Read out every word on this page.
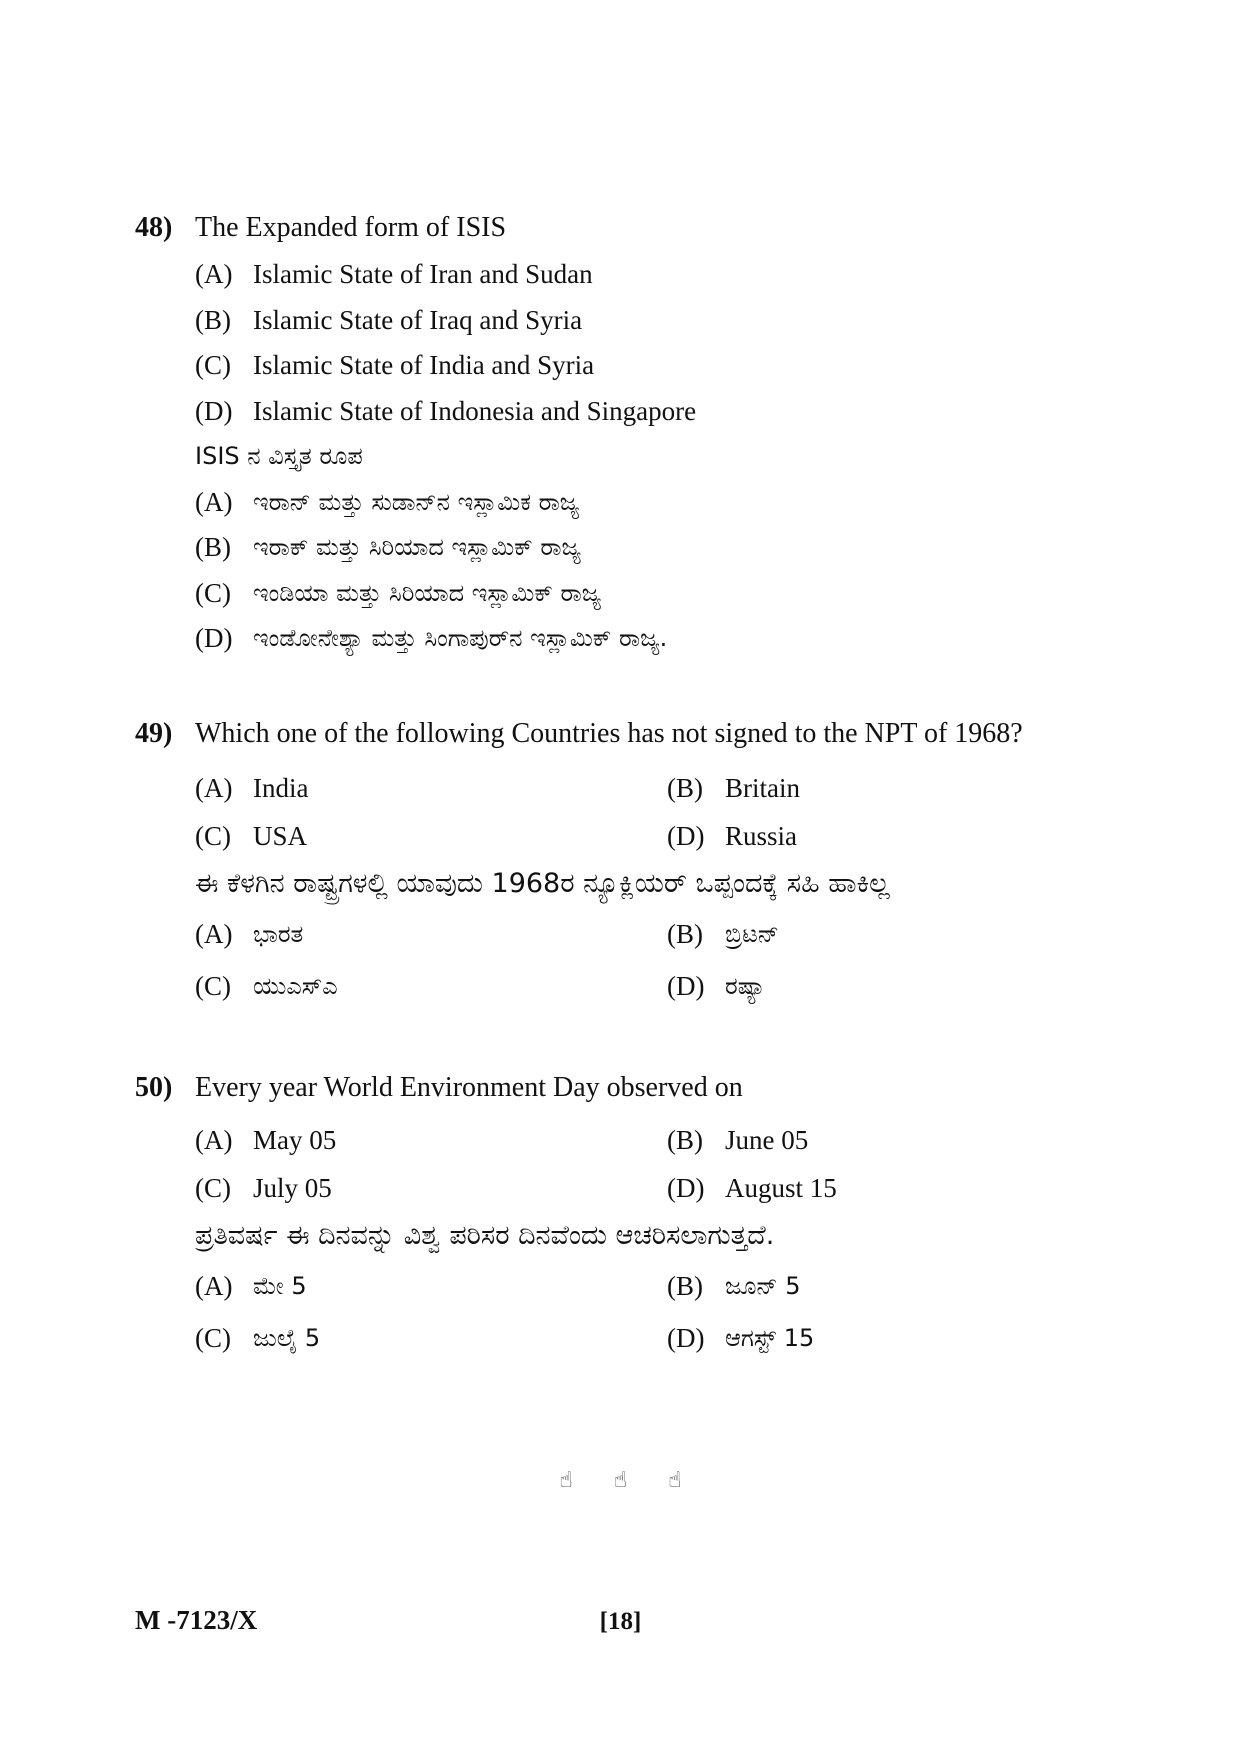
48) The Expanded form of ISIS
(A) Islamic State of Iran and Sudan
(B) Islamic State of Iraq and Syria
(C) Islamic State of India and Syria
(D) Islamic State of Indonesia and Singapore
ISIS ನ ವಿಸ್ತೃತ ರೂಪ
(A) ಇರಾನ್ ಮತ್ತು ಸುಡಾನ್‌ನ ಇಸ್ಲಾಮಿಕ ರಾಜ್ಯ
(B) ಇರಾಕ್ ಮತ್ತು ಸಿರಿಯಾದ ಇಸ್ಲಾಮಿಕ್ ರಾಜ್ಯ
(C) ಇಂಡಿಯಾ ಮತ್ತು ಸಿರಿಯಾದ ಇಸ್ಲಾಮಿಕ್ ರಾಜ್ಯ
(D) ಇಂಡೋನೇಶ್ಯಾ ಮತ್ತು ಸಿಂಗಾಪುರ್‌ನ ಇಸ್ಲಾಮಿಕ್ ರಾಜ್ಯ.
49) Which one of the following Countries has not signed to the NPT of 1968?
(A) India	(B) Britain
(C) USA	(D) Russia
ಈ ಕೆಳಗಿನ ರಾಷ್ಟ್ರಗಳಲ್ಲಿ ಯಾವುದು 1968ರ ನ್ಯೂಕ್ಲಿಯರ್ ಒಪ್ಪಂದಕ್ಕೆ ಸಹಿ ಹಾಕಿಲ್ಲ
(A) ಭಾರತ	(B) ಬ್ರಿಟನ್
(C) ಯುಎಸ್‌ಎ	(D) ರಷ್ಯಾ
50) Every year World Environment Day observed on
(A) May 05	(B) June 05
(C) July 05	(D) August 15
ಪ್ರತಿವರ್ಷ ಈ ದಿನವನ್ನು ವಿಶ್ವ ಪರಿಸರ ದಿನವೆಂದು ಆಚರಿಸಲಾಗುತ್ತದೆ.
(A) ಮೇ 5	(B) ಜೂನ್ 5
(C) ಜುಲೈ 5	(D) ಆಗಸ್ಟ್ 15
☝ ☝ ☝
M -7123/X	[18]
